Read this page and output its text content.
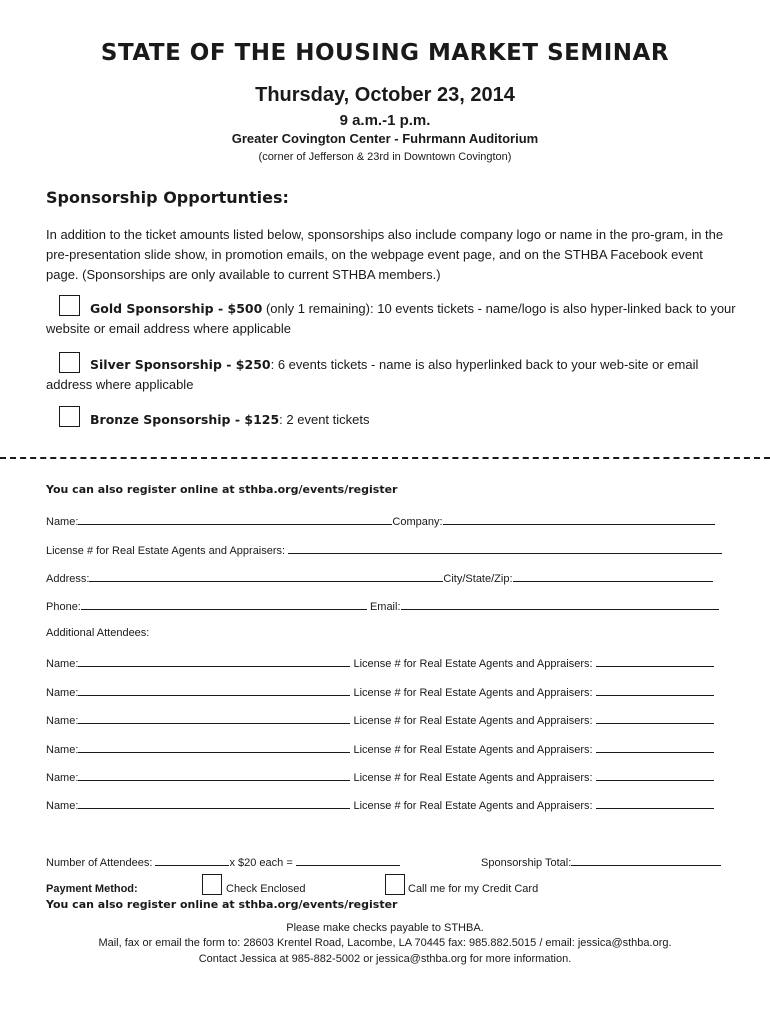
STATE OF THE HOUSING MARKET SEMINAR
Thursday, October 23, 2014
9 a.m.-1 p.m.
Greater Covington Center - Fuhrmann Auditorium
(corner of Jefferson & 23rd in Downtown Covington)
Sponsorship Opportunties:
In addition to the ticket amounts listed below, sponsorships also include company logo or name in the pro-gram, in the pre-presentation slide show, in promotion emails, on the webpage event page, and on the STHBA Facebook event page. (Sponsorships are only available to current STHBA members.)
Gold Sponsorship - $500 (only 1 remaining): 10 events tickets - name/logo is also hyper-linked back to your website or email address where applicable
Silver Sponsorship - $250: 6 events tickets - name is also hyperlinked back to your web-site or email address where applicable
Bronze Sponsorship - $125: 2 event tickets
You can also register online at sthba.org/events/register
Name:	Company:
License # for Real Estate Agents and Appraisers:
Address:	City/State/Zip:
Phone:	Email:
Additional Attendees:
Name:	License # for Real Estate Agents and Appraisers:
Name:	License # for Real Estate Agents and Appraisers:
Name:	License # for Real Estate Agents and Appraisers:
Name:	License # for Real Estate Agents and Appraisers:
Name:	License # for Real Estate Agents and Appraisers:
Name:	License # for Real Estate Agents and Appraisers:
Number of Attendees:	x $20 each =	Sponsorship Total:
Payment Method:	Check Enclosed	Call me for my Credit Card
You can also register online at sthba.org/events/register
Please make checks payable to STHBA.
Mail, fax or email the form to: 28603 Krentel Road, Lacombe, LA 70445 fax: 985.882.5015 / email: jessica@sthba.org.
Contact Jessica at 985-882-5002 or jessica@sthba.org for more information.
